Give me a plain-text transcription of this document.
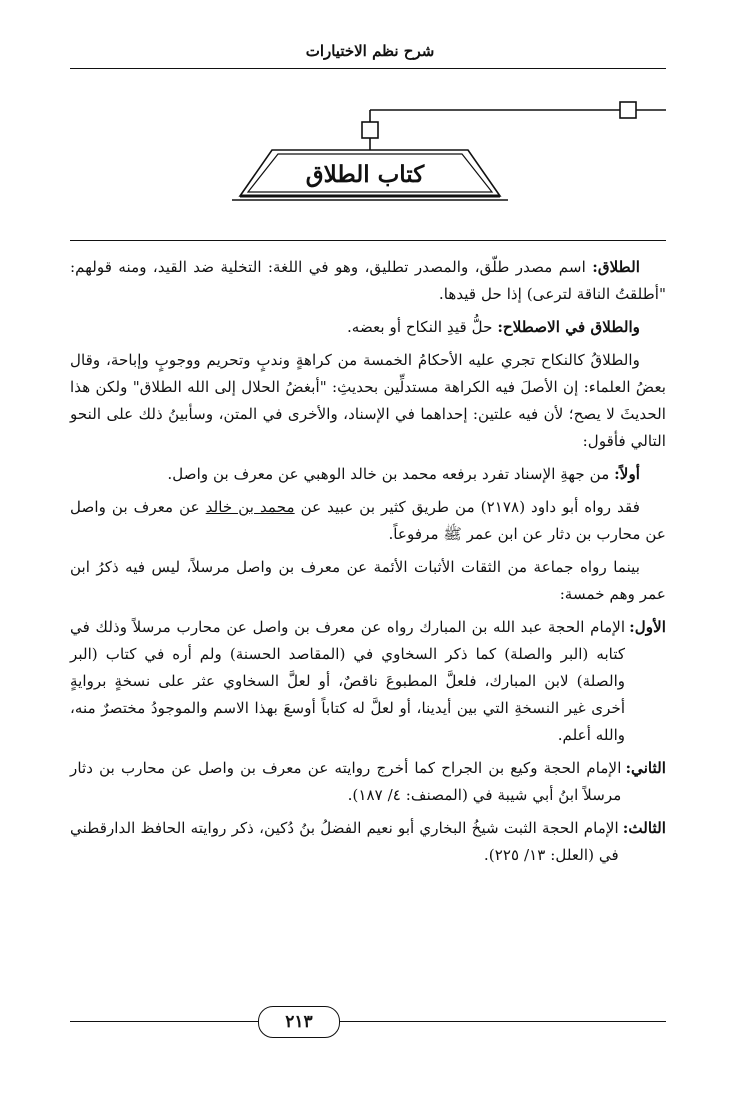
شرح نظم الاختيارات
كتاب الطلاق

الطلاق: اسم مصدر طلّق، والمصدر تطليق، وهو في اللغة: التخلية ضد القيد، ومنه قولهم: "أطلقتُ الناقة لترعى) إذا حل قيدها.

والطلاق في الاصطلاح: حلُّ قيدِ النكاح أو بعضه.

والطلاقُ كالنكاح تجري عليه الأحكامُ الخمسة من كراهةٍ وندبٍ وتحريم ووجوبٍ وإباحة، وقال بعضُ العلماء: إن الأصلَ فيه الكراهة مستدلِّين بحديثِ: "أبغضُ الحلال إلى الله الطلاق" ولكن هذا الحديثَ لا يصح؛ لأن فيه علتين: إحداهما في الإسناد، والأخرى في المتن، وسأبينُ ذلك على النحو التالي فأقول:

أولاً: من جهةِ الإسناد تفرد برفعه محمد بن خالد الوهبي عن معرف بن واصل.

فقد رواه أبو داود (٢١٧٨) من طريق كثير بن عبيد عن محمد بن خالد عن معرف بن واصل عن محارب بن دثار عن ابن عمر ﷺ مرفوعاً.

بينما رواه جماعة من الثقات الأثبات الأئمة عن معرف بن واصل مرسلاً، ليس فيه ذكرُ ابن عمر وهم خمسة:

الأول:
الإمام الحجة عبد الله بن المبارك رواه عن معرف بن واصل عن محارب مرسلاً وذلك في كتابه (البر والصلة) كما ذكر السخاوي في (المقاصد الحسنة) ولم أره في كتاب (البر والصلة) لابن المبارك، فلعلَّ المطبوعَ ناقصٌ، أو لعلَّ السخاوي عثر على نسخةٍ بروايةٍ أخرى غير النسخةِ التي بين أيدينا، أو لعلَّ له كتاباً أوسعَ بهذا الاسم والموجودُ مختصرٌ منه، والله أعلم.
الثاني:
الإمام الحجة وكيع بن الجراح كما أخرج روايته عن معرف بن واصل عن محارب بن دثار مرسلاً ابنُ أبي شيبة في (المصنف: ٤/ ١٨٧).
الثالث:
الإمام الحجة الثبت شيخُ البخاري أبو نعيم الفضلُ بنُ دُكين، ذكر روايته الحافظ الدارقطني في (العلل: ١٣/ ٢٢٥).
٢١٣
